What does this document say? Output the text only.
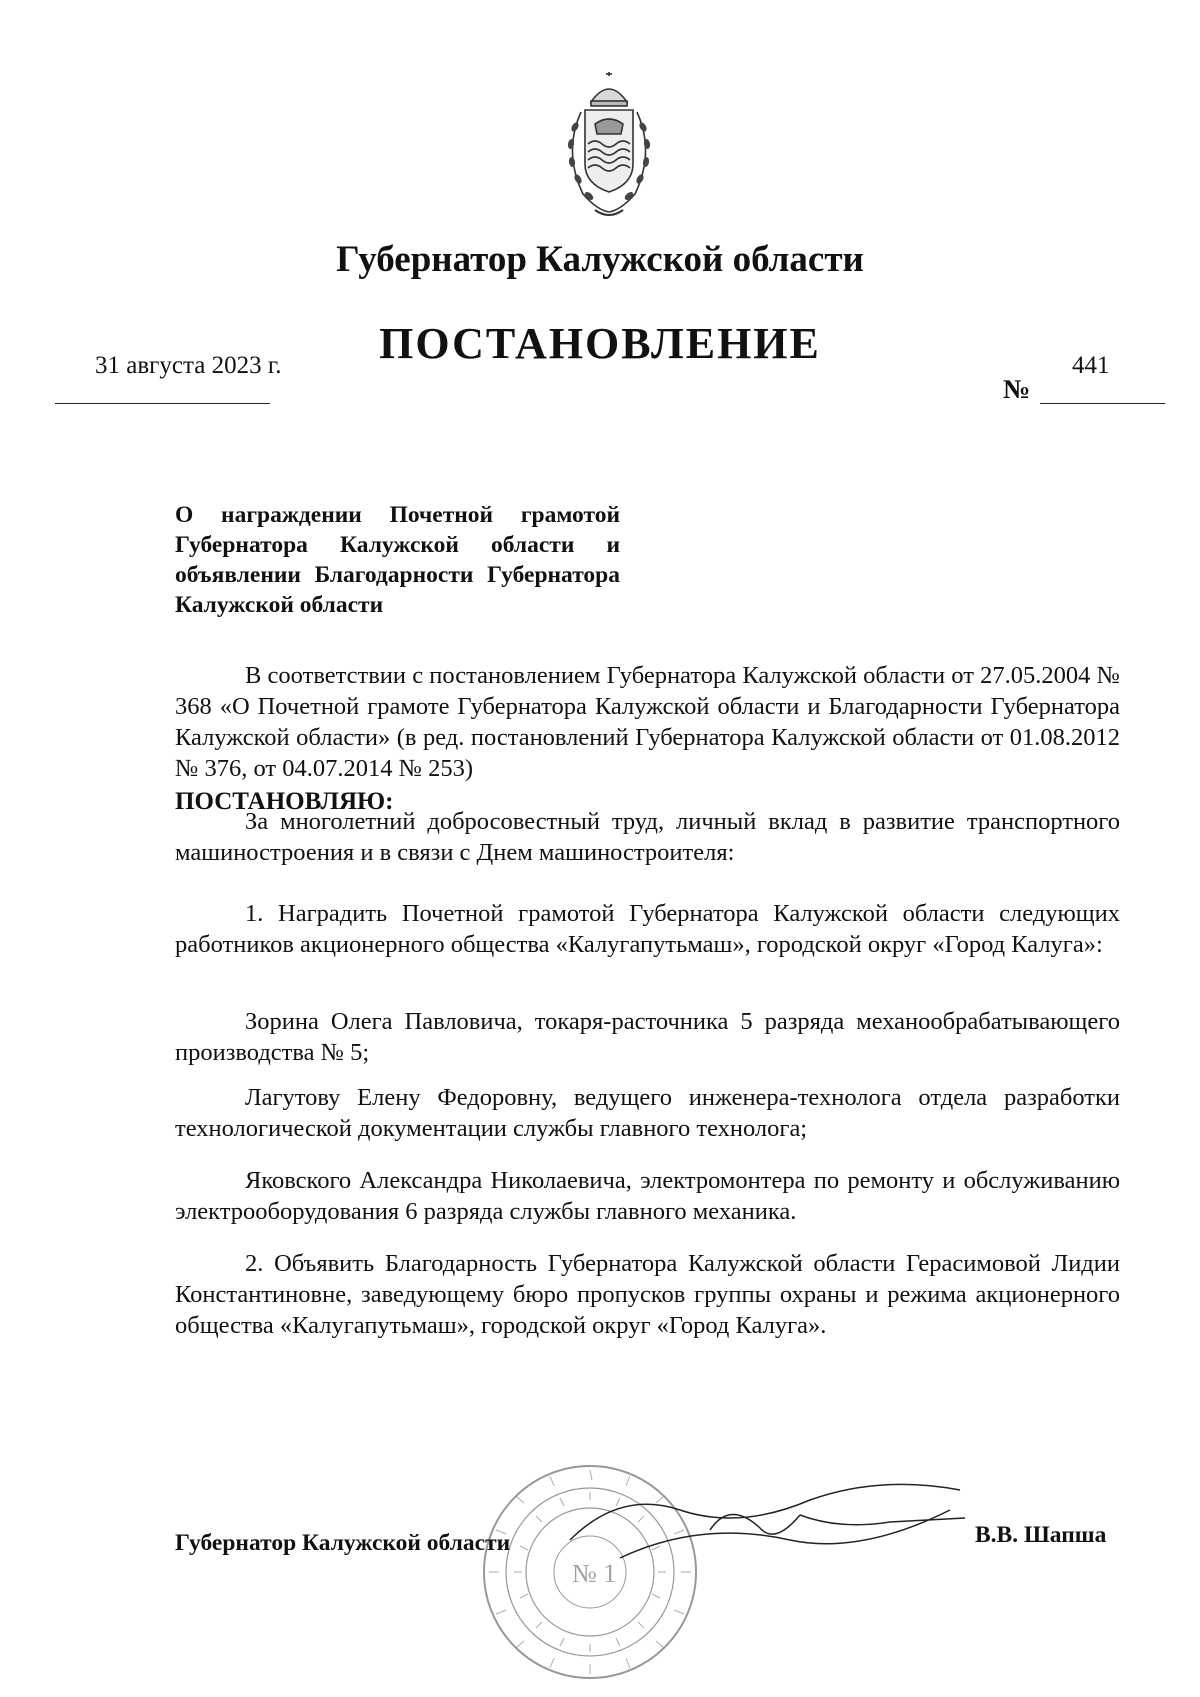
Губернатор Калужской области
ПОСТАНОВЛЕНИЕ
31 августа 2023 г.
№
441
О награждении Почетной грамотой Губернатора Калужской области и объявлении Благодарности Губернатора Калужской области
В соответствии с постановлением Губернатора Калужской области от 27.05.2004 № 368 «О Почетной грамоте Губернатора Калужской области и Благодарности Губернатора Калужской области» (в ред. постановлений Губернатора Калужской области от 01.08.2012 № 376, от 04.07.2014 № 253)
ПОСТАНОВЛЯЮ:
За многолетний добросовестный труд, личный вклад в развитие транспортного машиностроения и в связи с Днем машиностроителя:
1. Наградить Почетной грамотой Губернатора Калужской области следующих работников акционерного общества «Калугапутьмаш», городской округ «Город Калуга»:
Зорина Олега Павловича, токаря-расточника 5 разряда механообрабатывающего производства № 5;
Лагутову Елену Федоровну, ведущего инженера-технолога отдела разработки технологической документации службы главного технолога;
Яковского Александра Николаевича, электромонтера по ремонту и обслуживанию электрооборудования 6 разряда службы главного механика.
2. Объявить Благодарность Губернатора Калужской области Герасимовой Лидии Константиновне, заведующему бюро пропусков группы охраны и режима акционерного общества «Калугапутьмаш», городской округ «Город Калуга».
№ 1
Губернатор Калужской области	В.В. Шапша
